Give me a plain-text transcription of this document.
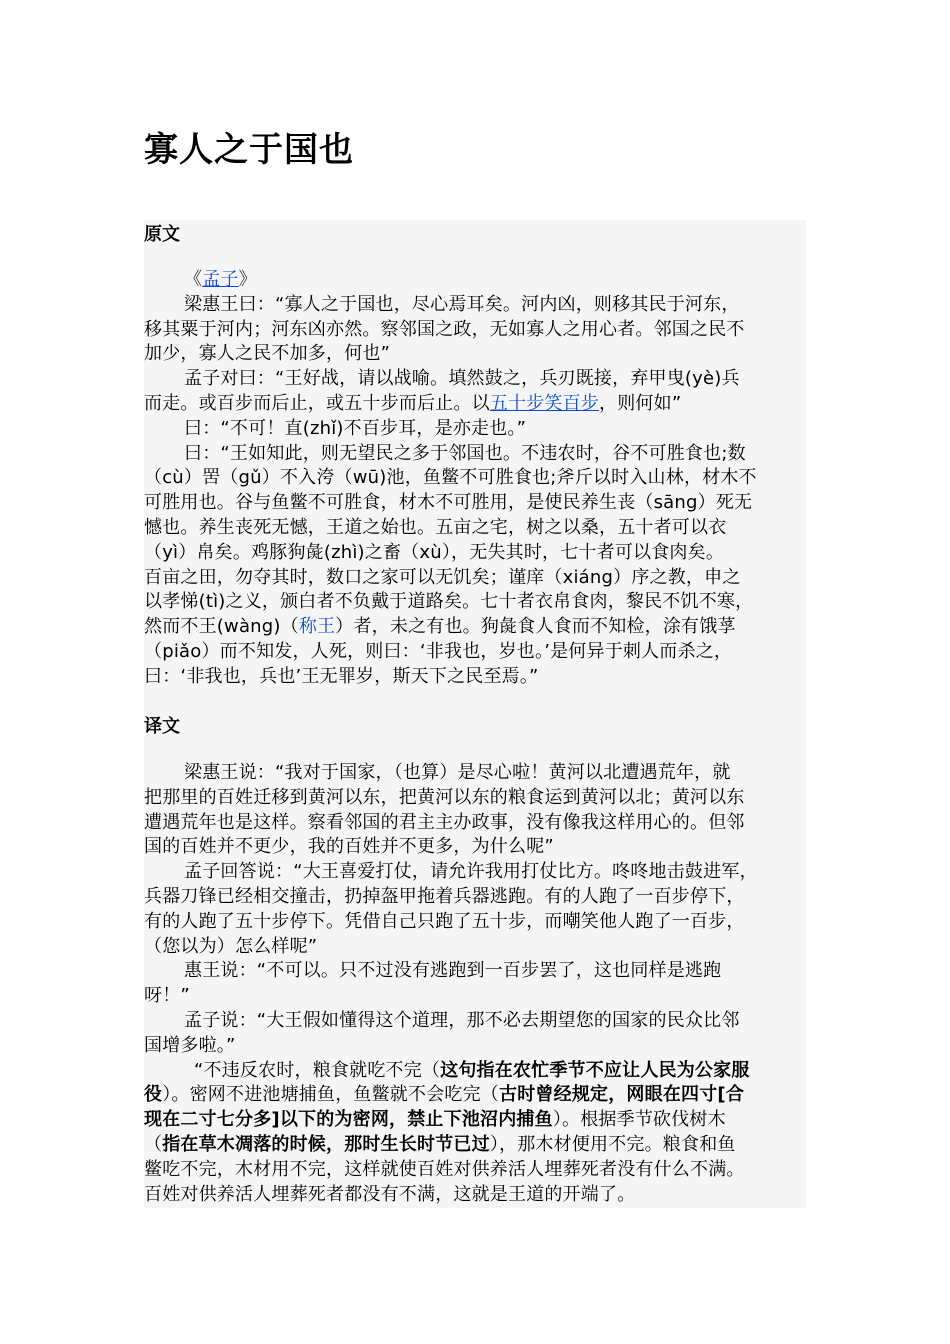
寡人之于国也
原文
《孟子》
梁惠王曰：“寡人之于国也，尽心焉耳矣。河内凶，则移其民于河东，
移其粟于河内；河东凶亦然。察邻国之政，无如寡人之用心者。邻国之民不
加少，寡人之民不加多，何也”
孟子对曰：“王好战，请以战喻。填然鼓之，兵刃既接，弃甲曳(yè)兵
而走。或百步而后止，或五十步而后止。以五十步笑百步，则何如”
曰：“不可！直(zhǐ)不百步耳，是亦走也。”
曰：“王如知此，则无望民之多于邻国也。不违农时，谷不可胜食也;数
（cù）罟（gǔ）不入洿（wū)池，鱼鳖不可胜食也;斧斤以时入山林，材木不
可胜用也。谷与鱼鳖不可胜食，材木不可胜用，是使民养生丧（sāng）死无
憾也。养生丧死无憾，王道之始也。五亩之宅，树之以桑，五十者可以衣
（yì）帛矣。鸡豚狗彘(zhì)之畜（xù），无失其时，七十者可以食肉矣。
百亩之田，勿夺其时，数口之家可以无饥矣；谨庠（xiáng）序之教，申之
以孝悌(tì)之义，颁白者不负戴于道路矣。七十者衣帛食肉，黎民不饥不寒，
然而不王(wàng)（称王）者，未之有也。狗彘食人食而不知检，涂有饿莩
（piǎo）而不知发，人死，则曰：‘非我也，岁也。’是何异于刺人而杀之，
曰：‘非我也，兵也’王无罪岁，斯天下之民至焉。”
译文
梁惠王说：“我对于国家，（也算）是尽心啦！黄河以北遭遇荒年，就
把那里的百姓迁移到黄河以东，把黄河以东的粮食运到黄河以北；黄河以东
遭遇荒年也是这样。察看邻国的君主主办政事，没有像我这样用心的。但邻
国的百姓并不更少，我的百姓并不更多，为什么呢”
孟子回答说：“大王喜爱打仗，请允许我用打仗比方。咚咚地击鼓进军，
兵器刀锋已经相交撞击，扔掉盔甲拖着兵器逃跑。有的人跑了一百步停下，
有的人跑了五十步停下。凭借自己只跑了五十步，而嘲笑他人跑了一百步，
（您以为）怎么样呢”
惠王说：“不可以。只不过没有逃跑到一百步罢了，这也同样是逃跑
呀！”
孟子说：“大王假如懂得这个道理，那不必去期望您的国家的民众比邻
国增多啦。”
“不违反农时，粮食就吃不完（这句指在农忙季节不应让人民为公家服
役）。密网不进池塘捕鱼，鱼鳖就不会吃完（古时曾经规定，网眼在四寸[合
现在二寸七分多]以下的为密网，禁止下池沼内捕鱼）。根据季节砍伐树木
（指在草木凋落的时候，那时生长时节已过），那木材便用不完。粮食和鱼
鳖吃不完，木材用不完，这样就使百姓对供养活人埋葬死者没有什么不满。
百姓对供养活人埋葬死者都没有不满，这就是王道的开端了。
